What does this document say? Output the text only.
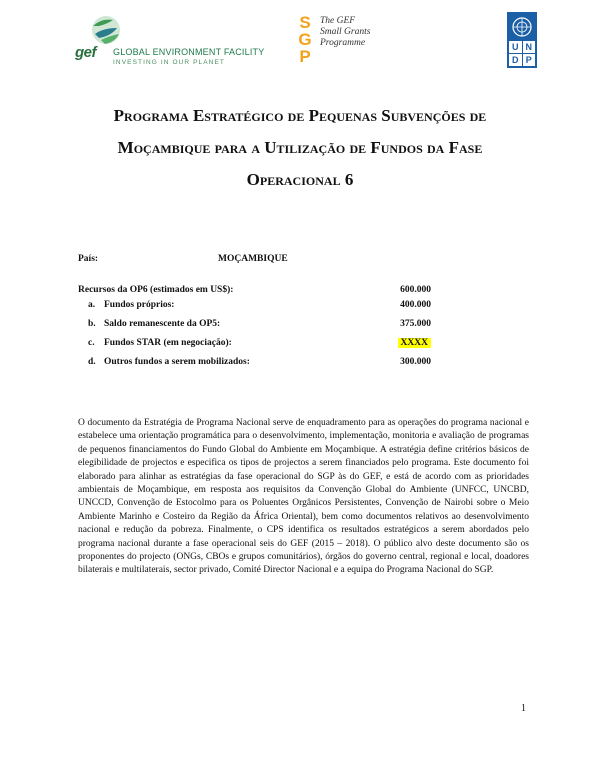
gef GLOBAL ENVIRONMENT FACILITY
INVESTING IN OUR PLANET
S
G
P
The GEF
Small Grants
Programme	U N
D P
Programa Estratégico de Pequenas Subvenções de Moçambique para a Utilização de Fundos da Fase Operacional 6
País:	MOÇAMBIQUE
Recursos da OP6 (estimados em US$):	600.000
a. Fundos próprios:	400.000
b. Saldo remanescente da OP5:	375.000
c. Fundos STAR (em negociação):	XXXX
d. Outros fundos a serem mobilizados:	300.000

O documento da Estratégia de Programa Nacional serve de enquadramento para as operações do programa nacional e estabelece uma orientação programática para o desenvolvimento, implementação, monitoria e avaliação de programas de pequenos financiamentos do Fundo Global do Ambiente em Moçambique. A estratégia define critérios básicos de elegibilidade de projectos e especifica os tipos de projectos a serem financiados pelo programa. Este documento foi elaborado para alinhar as estratégias da fase operacional do SGP às do GEF, e está de acordo com as prioridades ambientais de Moçambique, em resposta aos requisitos da Convenção Global do Ambiente (UNFCC, UNCBD, UNCCD, Convenção de Estocolmo para os Poluentes Orgânicos Persistentes, Convenção de Nairobi sobre o Meio Ambiente Marinho e Costeiro da Região da África Oriental), bem como documentos relativos ao desenvolvimento nacional e redução da pobreza. Finalmente, o CPS identifica os resultados estratégicos a serem abordados pelo programa nacional durante a fase operacional seis do GEF (2015 – 2018). O público alvo deste documento são os proponentes do projecto (ONGs, CBOs e grupos comunitários), órgãos do governo central, regional e local, doadores bilaterais e multilaterais, sector privado, Comité Director Nacional e a equipa do Programa Nacional do SGP.

1
